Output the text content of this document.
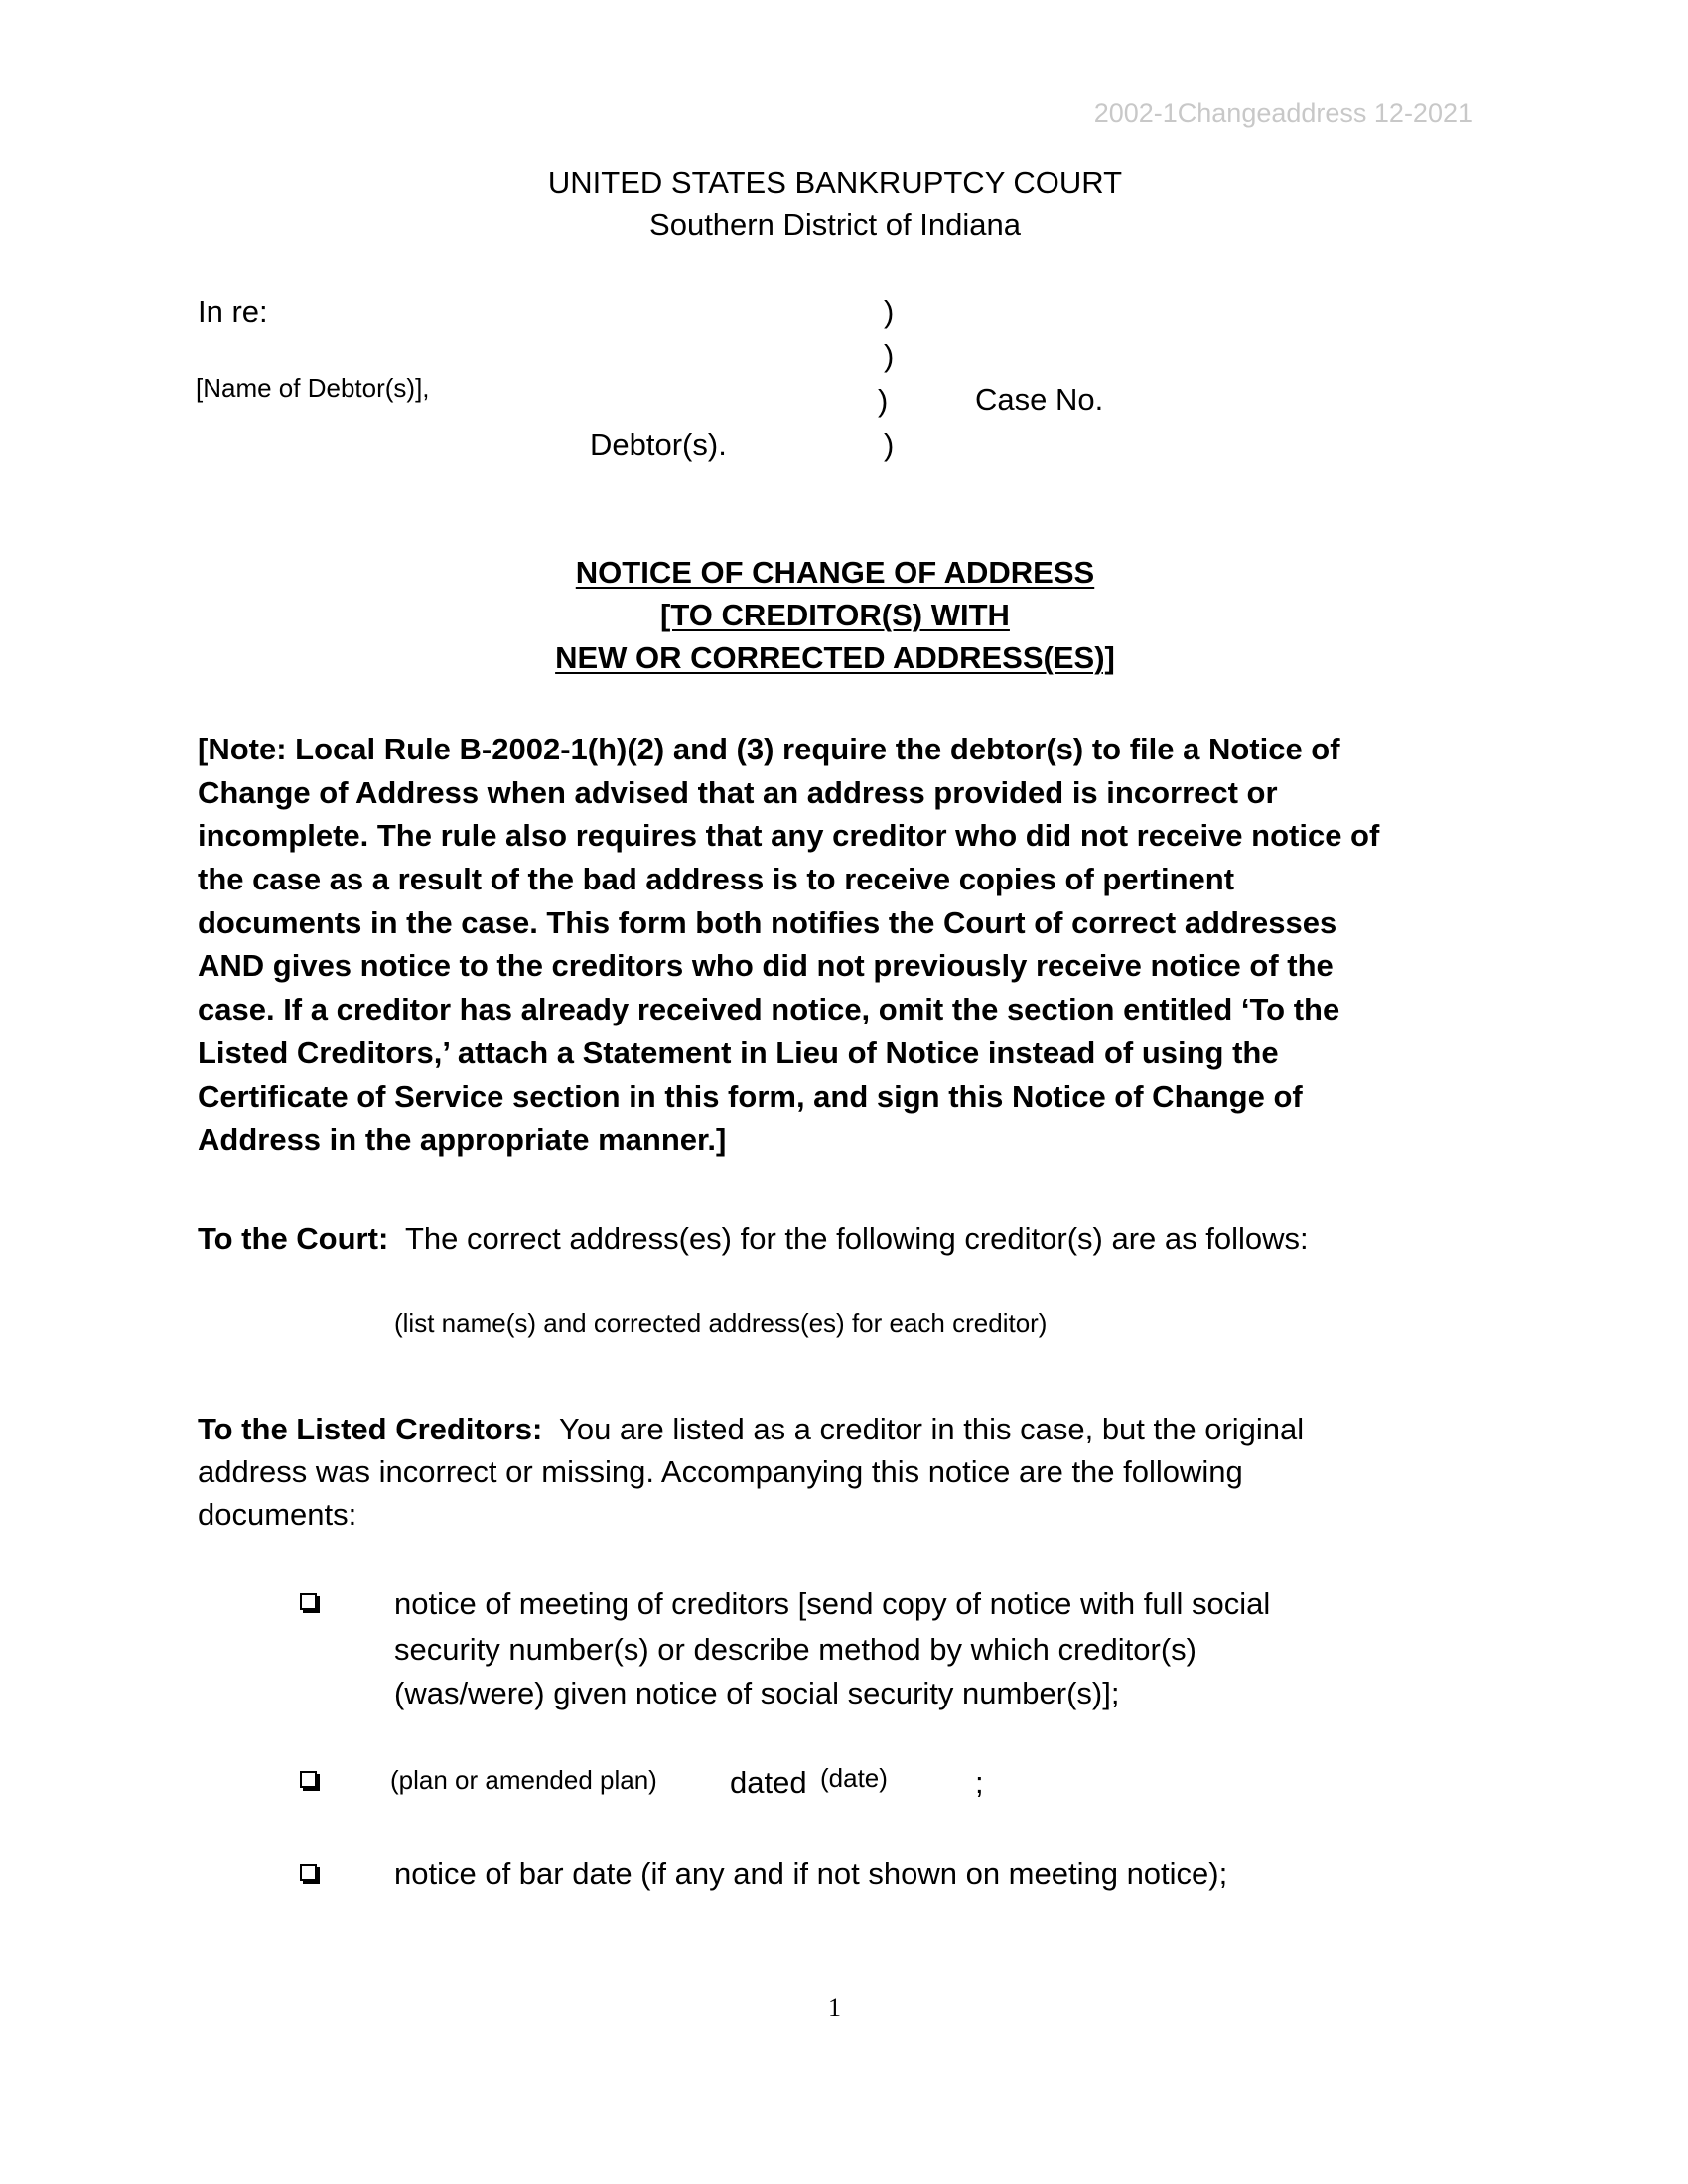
2002-1Changeaddress 12-2021
UNITED STATES BANKRUPTCY COURT
Southern District of Indiana
In re:
[Name of Debtor(s)],
Debtor(s).
Case No.
)
)
)
)
NOTICE OF CHANGE OF ADDRESS
[TO CREDITOR(S) WITH
NEW OR CORRECTED ADDRESS(ES)]
[Note: Local Rule B-2002-1(h)(2) and (3) require the debtor(s) to file a Notice of
Change of Address when advised that an address provided is incorrect or
incomplete. The rule also requires that any creditor who did not receive notice of
the case as a result of the bad address is to receive copies of pertinent
documents in the case. This form both notifies the Court of correct addresses
AND gives notice to the creditors who did not previously receive notice of the
case. If a creditor has already received notice, omit the section entitled ‘To the
Listed Creditors,’ attach a Statement in Lieu of Notice instead of using the
Certificate of Service section in this form, and sign this Notice of Change of
Address in the appropriate manner.]
To the Court: The correct address(es) for the following creditor(s) are as follows:
(list name(s) and corrected address(es) for each creditor)
To the Listed Creditors: You are listed as a creditor in this case, but the original
address was incorrect or missing. Accompanying this notice are the following
documents:
notice of meeting of creditors [send copy of notice with full social
security number(s) or describe method by which creditor(s)
(was/were) given notice of social security number(s)];
(plan or amended plan) dated (date)	;
notice of bar date (if any and if not shown on meeting notice);
1
